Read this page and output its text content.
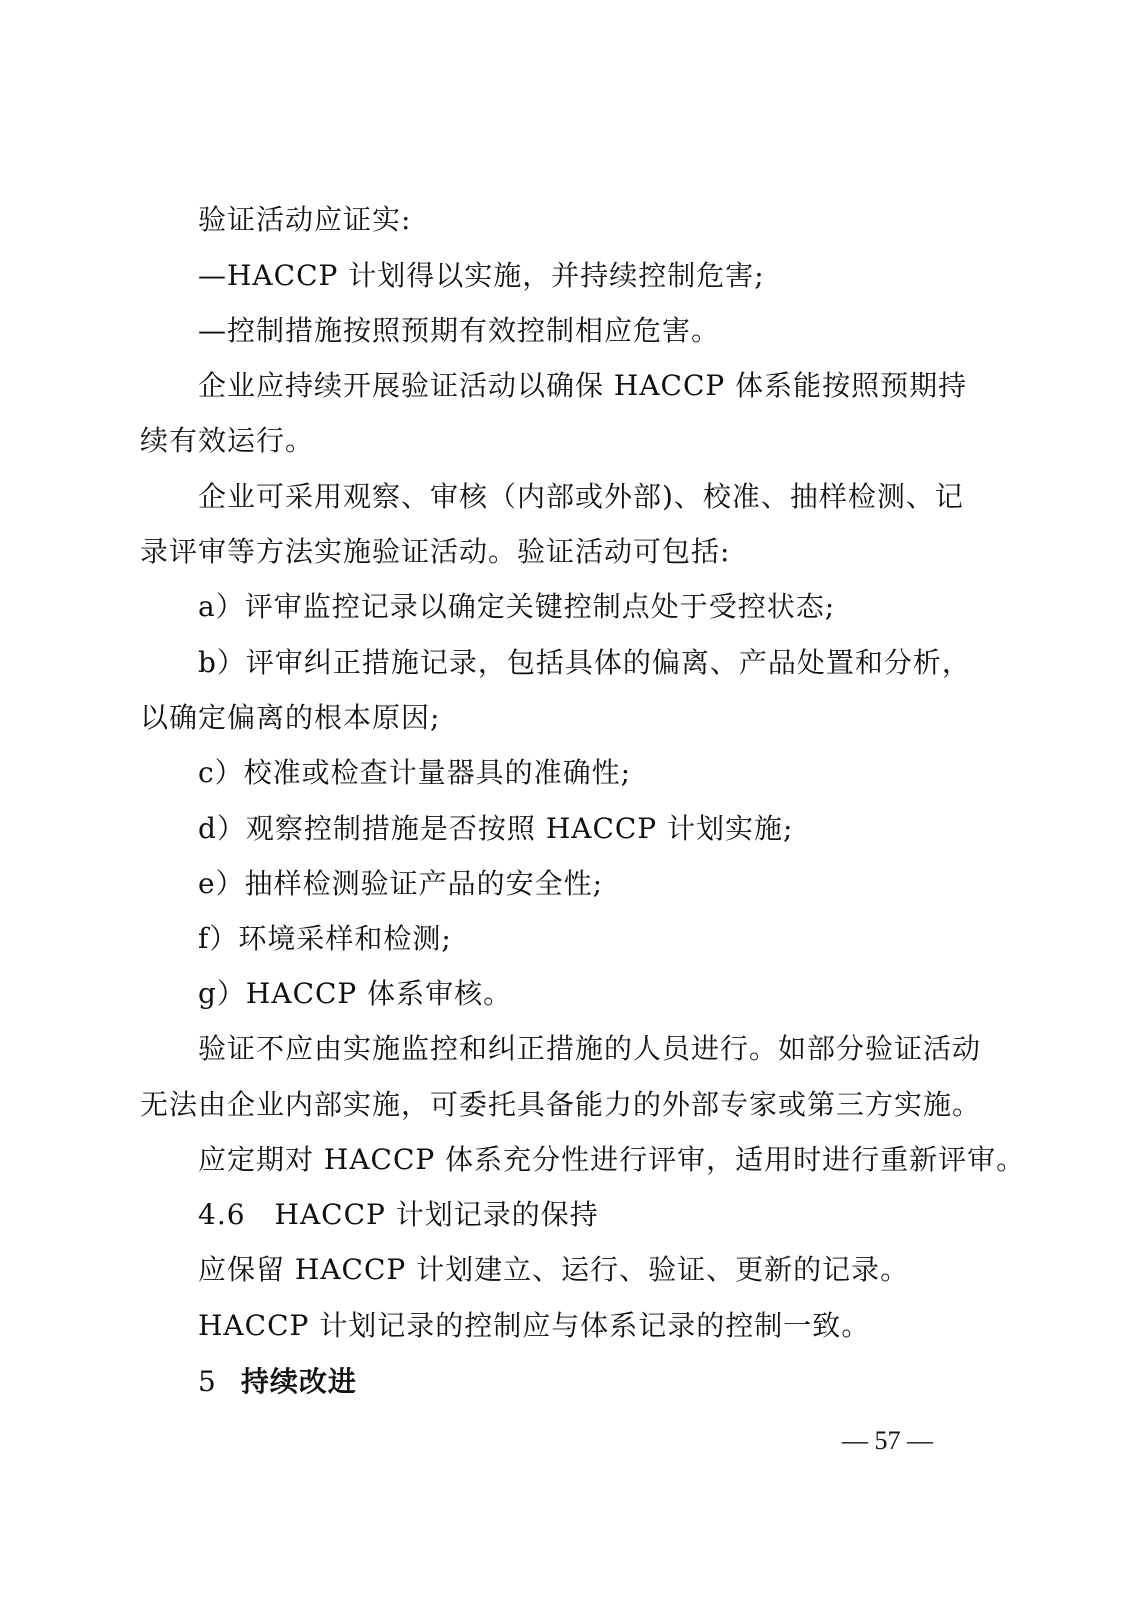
验证活动应证实:
—HACCP 计划得以实施，并持续控制危害;
—控制措施按照预期有效控制相应危害。
企业应持续开展验证活动以确保 HACCP 体系能按照预期持
续有效运行。
企业可采用观察、审核（内部或外部)、校准、抽样检测、记
录评审等方法实施验证活动。验证活动可包括:
a）评审监控记录以确定关键控制点处于受控状态;
b）评审纠正措施记录，包括具体的偏离、产品处置和分析，
以确定偏离的根本原因;
c）校准或检查计量器具的准确性;
d）观察控制措施是否按照 HACCP 计划实施;
e）抽样检测验证产品的安全性;
f）环境采样和检测;
g）HACCP 体系审核。
验证不应由实施监控和纠正措施的人员进行。如部分验证活动
无法由企业内部实施，可委托具备能力的外部专家或第三方实施。
应定期对 HACCP 体系充分性进行评审，适用时进行重新评审。
4.6　HACCP 计划记录的保持
应保留 HACCP 计划建立、运行、验证、更新的记录。
HACCP 计划记录的控制应与体系记录的控制一致。
5 持续改进
— 57 —
